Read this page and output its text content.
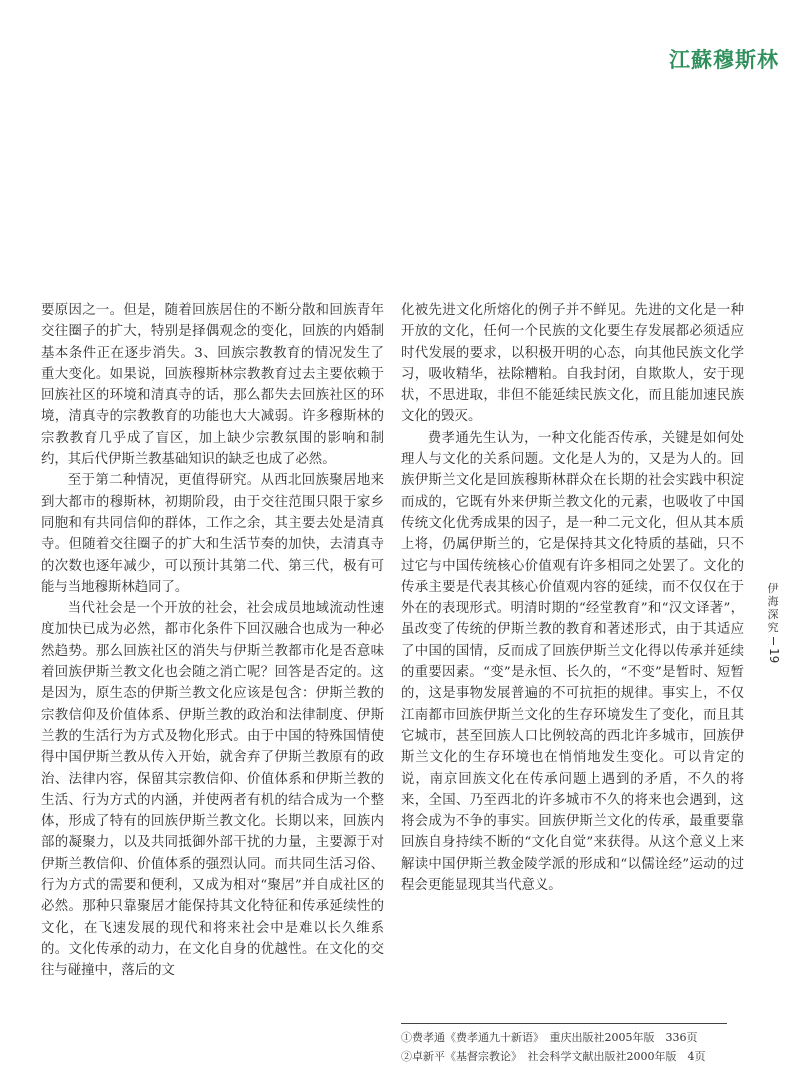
江蘇穆斯林

要原因之一。但是，随着回族居住的不断分散和回族青年交往圈子的扩大，特别是择偶观念的变化，回族的内婚制基本条件正在逐步消失。3、回族宗教教育的情况发生了重大变化。如果说，回族穆斯林宗教教育过去主要依赖于回族社区的环境和清真寺的话，那么都失去回族社区的环境，清真寺的宗教教育的功能也大大减弱。许多穆斯林的宗教教育几乎成了盲区，加上缺少宗教氛围的影响和制约，其后代伊斯兰教基础知识的缺乏也成了必然。

至于第二种情况，更值得研究。从西北回族聚居地来到大都市的穆斯林，初期阶段，由于交往范围只限于家乡同胞和有共同信仰的群体，工作之余，其主要去处是清真寺。但随着交往圈子的扩大和生活节奏的加快，去清真寺的次数也逐年减少，可以预计其第二代、第三代，极有可能与当地穆斯林趋同了。

当代社会是一个开放的社会，社会成员地域流动性速度加快已成为必然，都市化条件下回汉融合也成为一种必然趋势。那么回族社区的消失与伊斯兰教都市化是否意味着回族伊斯兰教文化也会随之消亡呢？回答是否定的。这是因为，原生态的伊斯兰教文化应该是包含：伊斯兰教的宗教信仰及价值体系、伊斯兰教的政治和法律制度、伊斯兰教的生活行为方式及物化形式。由于中国的特殊国情使得中国伊斯兰教从传入开始，就舍弃了伊斯兰教原有的政治、法律内容，保留其宗教信仰、价值体系和伊斯兰教的生活、行为方式的内涵，并使两者有机的结合成为一个整体，形成了特有的回族伊斯兰教文化。长期以来，回族内部的凝聚力，以及共同抵御外部干扰的力量，主要源于对伊斯兰教信仰、价值体系的强烈认同。而共同生活习俗、行为方式的需要和便利，又成为相对“聚居”并自成社区的必然。那种只靠聚居才能保持其文化特征和传承延续性的文化，在飞速发展的现代和将来社会中是难以长久维系的。文化传承的动力，在文化自身的优越性。在文化的交往与碰撞中，落后的文

化被先进文化所熔化的例子并不鲜见。先进的文化是一种开放的文化，任何一个民族的文化要生存发展都必须适应时代发展的要求，以积极开明的心态，向其他民族文化学习，吸收精华，祛除糟粕。自我封闭，自欺欺人，安于现状，不思进取，非但不能延续民族文化，而且能加速民族文化的毁灭。

费孝通先生认为，一种文化能否传承，关键是如何处理人与文化的关系问题。文化是人为的，又是为人的。回族伊斯兰文化是回族穆斯林群众在长期的社会实践中积淀而成的，它既有外来伊斯兰教文化的元素，也吸收了中国传统文化优秀成果的因子，是一种二元文化，但从其本质上将，仍属伊斯兰的，它是保持其文化特质的基础，只不过它与中国传统核心价值观有许多相同之处罢了。文化的传承主要是代表其核心价值观内容的延续，而不仅仅在于外在的表现形式。明清时期的“经堂教育”和“汉文译著”，虽改变了传统的伊斯兰教的教育和著述形式，由于其适应了中国的国情，反而成了回族伊斯兰文化得以传承并延续的重要因素。“变”是永恒、长久的，“不变”是暂时、短暂的，这是事物发展普遍的不可抗拒的规律。事实上，不仅江南都市回族伊斯兰文化的生存环境发生了变化，而且其它城市，甚至回族人口比例较高的西北许多城市，回族伊斯兰文化的生存环境也在悄悄地发生变化。可以肯定的说，南京回族文化在传承问题上遇到的矛盾，不久的将来，全国、乃至西北的许多城市不久的将来也会遇到，这将会成为不争的事实。回族伊斯兰文化的传承，最重要靠回族自身持续不断的“文化自觉”来获得。从这个意义上来解读中国伊斯兰教金陵学派的形成和“以儒诠经”运动的过程会更能显现其当代意义。

伊海深究
19
①费孝通《费孝通九十新语》　重庆出版社2005年版　336页
②卓新平《基督宗教论》　社会科学文献出版社2000年版　4页
